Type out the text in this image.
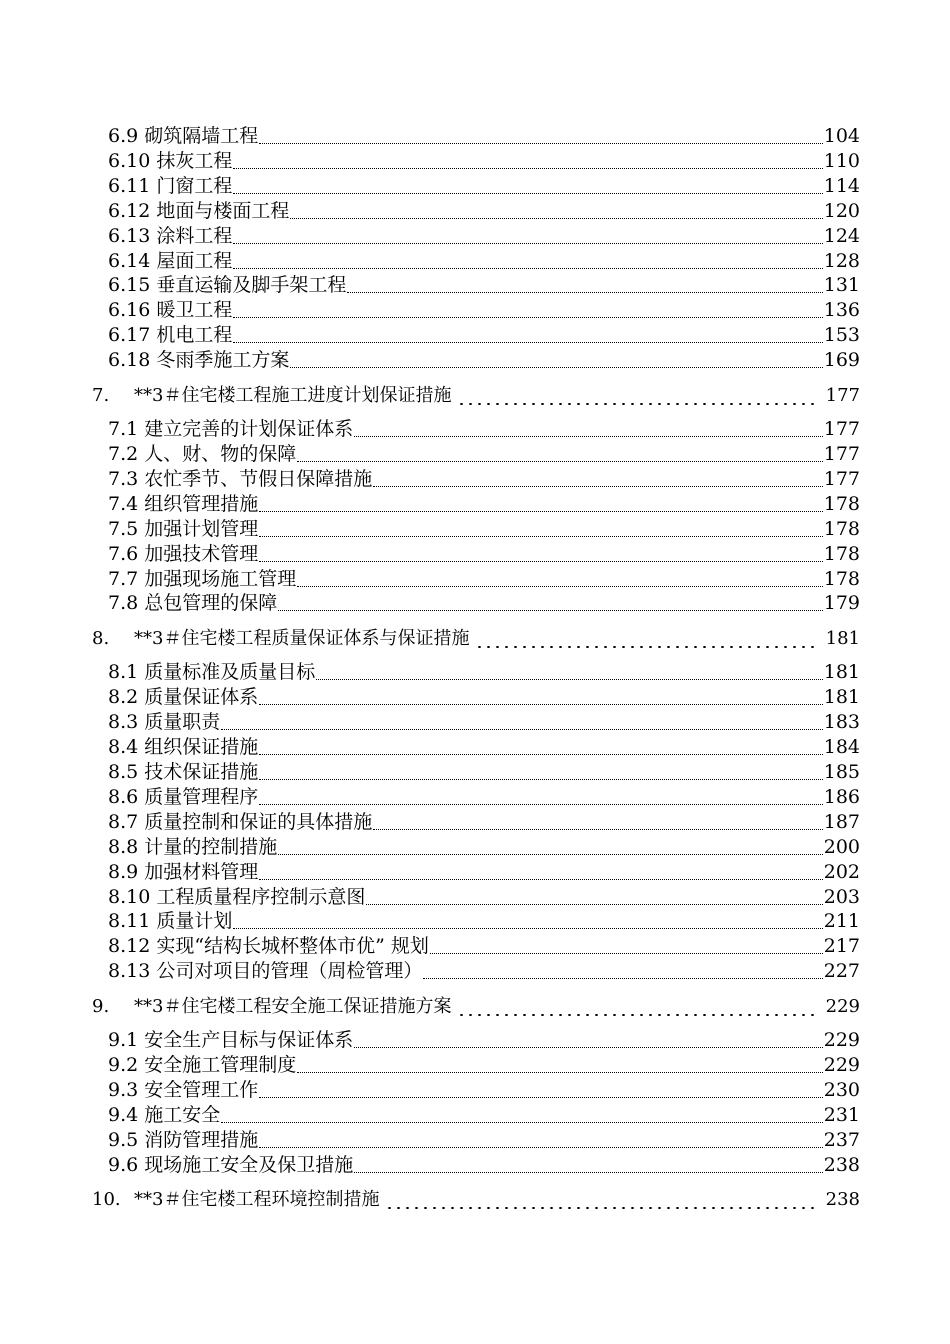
6.9 砌筑隔墙工程	104
6.10 抹灰工程	110
6.11 门窗工程	114
6.12 地面与楼面工程	120
6.13 涂料工程	124
6.14 屋面工程	128
6.15 垂直运输及脚手架工程	131
6.16 暖卫工程	136
6.17 机电工程	153
6.18 冬雨季施工方案	169
7.	**3＃住宅楼工程施工进度计划保证措施	177
7.1 建立完善的计划保证体系	177
7.2 人、财、物的保障	177
7.3 农忙季节、节假日保障措施	177
7.4 组织管理措施	178
7.5 加强计划管理	178
7.6 加强技术管理	178
7.7 加强现场施工管理	178
7.8 总包管理的保障	179
8.	**3＃住宅楼工程质量保证体系与保证措施	181
8.1 质量标准及质量目标	181
8.2 质量保证体系	181
8.3 质量职责	183
8.4 组织保证措施	184
8.5 技术保证措施	185
8.6 质量管理程序	186
8.7 质量控制和保证的具体措施	187
8.8 计量的控制措施	200
8.9 加强材料管理	202
8.10 工程质量程序控制示意图	203
8.11 质量计划	211
8.12 实现“结构长城杯整体市优” 规划	217
8.13 公司对项目的管理（周检管理）	227
9.	**3＃住宅楼工程安全施工保证措施方案	229
9.1 安全生产目标与保证体系	229
9.2 安全施工管理制度	229
9.3 安全管理工作	230
9.4 施工安全	231
9.5 消防管理措施	237
9.6 现场施工安全及保卫措施	238
10. **3＃住宅楼工程环境控制措施	238
